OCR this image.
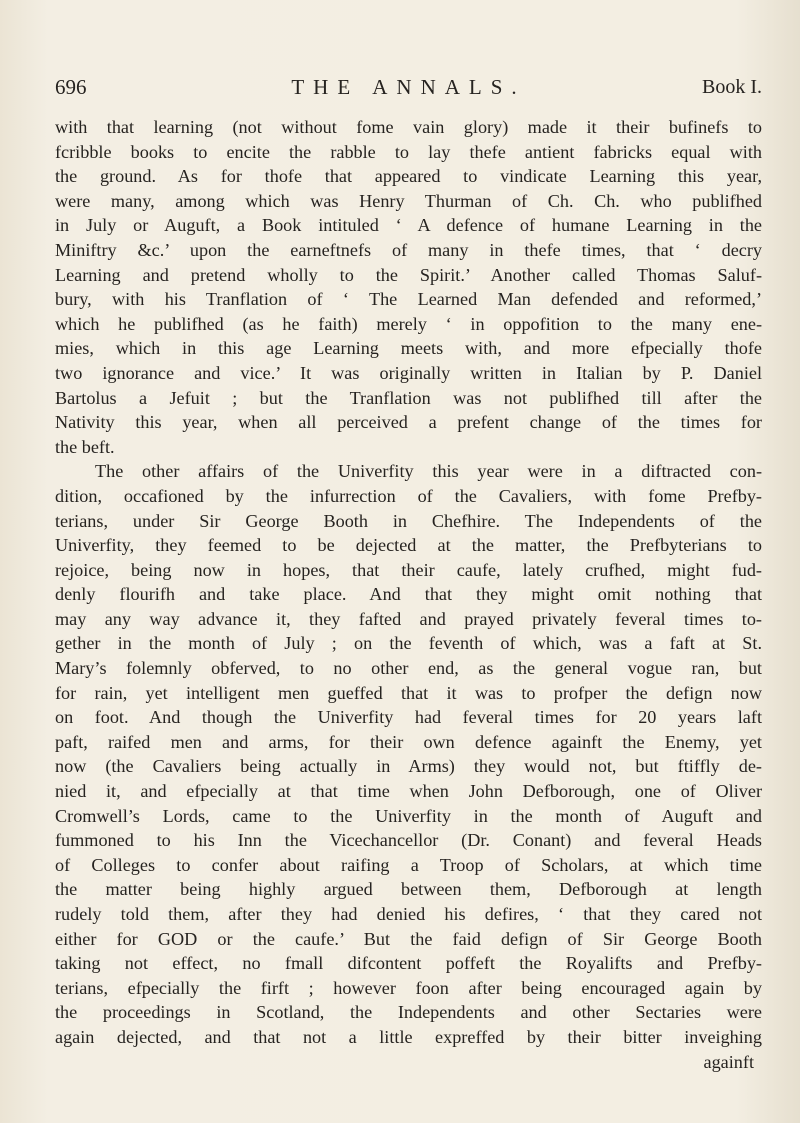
696	THE ANNALS.	Book I.
with that learning (not without fome vain glory) made it their bufinefs to
fcribble books to encite the rabble to lay thefe antient fabricks equal with
the ground. As for thofe that appeared to vindicate Learning this year,
were many, among which was Henry Thurman of Ch. Ch. who publifhed
in July or Auguft, a Book intituled ‘ A defence of humane Learning in the
Miniftry &c.’ upon the earneftnefs of many in thefe times, that ‘ decry
Learning and pretend wholly to the Spirit.’ Another called Thomas Saluf-
bury, with his Tranflation of ‘ The Learned Man defended and reformed,’
which he publifhed (as he faith) merely ‘ in oppofition to the many ene-
mies, which in this age Learning meets with, and more efpecially thofe
two ignorance and vice.’ It was originally written in Italian by P. Daniel
Bartolus a Jefuit ; but the Tranflation was not publifhed till after the
Nativity this year, when all perceived a prefent change of the times for
the beft.
The other affairs of the Univerfity this year were in a diftracted con-
dition, occafioned by the infurrection of the Cavaliers, with fome Prefby-
terians, under Sir George Booth in Chefhire. The Independents of the
Univerfity, they feemed to be dejected at the matter, the Prefbyterians to
rejoice, being now in hopes, that their caufe, lately crufhed, might fud-
denly flourifh and take place. And that they might omit nothing that
may any way advance it, they fafted and prayed privately feveral times to-
gether in the month of July ; on the feventh of which, was a faft at St.
Mary’s folemnly obferved, to no other end, as the general vogue ran, but
for rain, yet intelligent men gueffed that it was to profper the defign now
on foot. And though the Univerfity had feveral times for 20 years laft
paft, raifed men and arms, for their own defence againft the Enemy, yet
now (the Cavaliers being actually in Arms) they would not, but ftiffly de-
nied it, and efpecially at that time when John Defborough, one of Oliver
Cromwell’s Lords, came to the Univerfity in the month of Auguft and
fummoned to his Inn the Vicechancellor (Dr. Conant) and feveral Heads
of Colleges to confer about raifing a Troop of Scholars, at which time
the matter being highly argued between them, Defborough at length
rudely told them, after they had denied his defires, ‘ that they cared not
either for GOD or the caufe.’ But the faid defign of Sir George Booth
taking not effect, no fmall difcontent poffeft the Royalifts and Prefby-
terians, efpecially the firft ; however foon after being encouraged again by
the proceedings in Scotland, the Independents and other Sectaries were
again dejected, and that not a little expreffed by their bitter inveighing
againft
